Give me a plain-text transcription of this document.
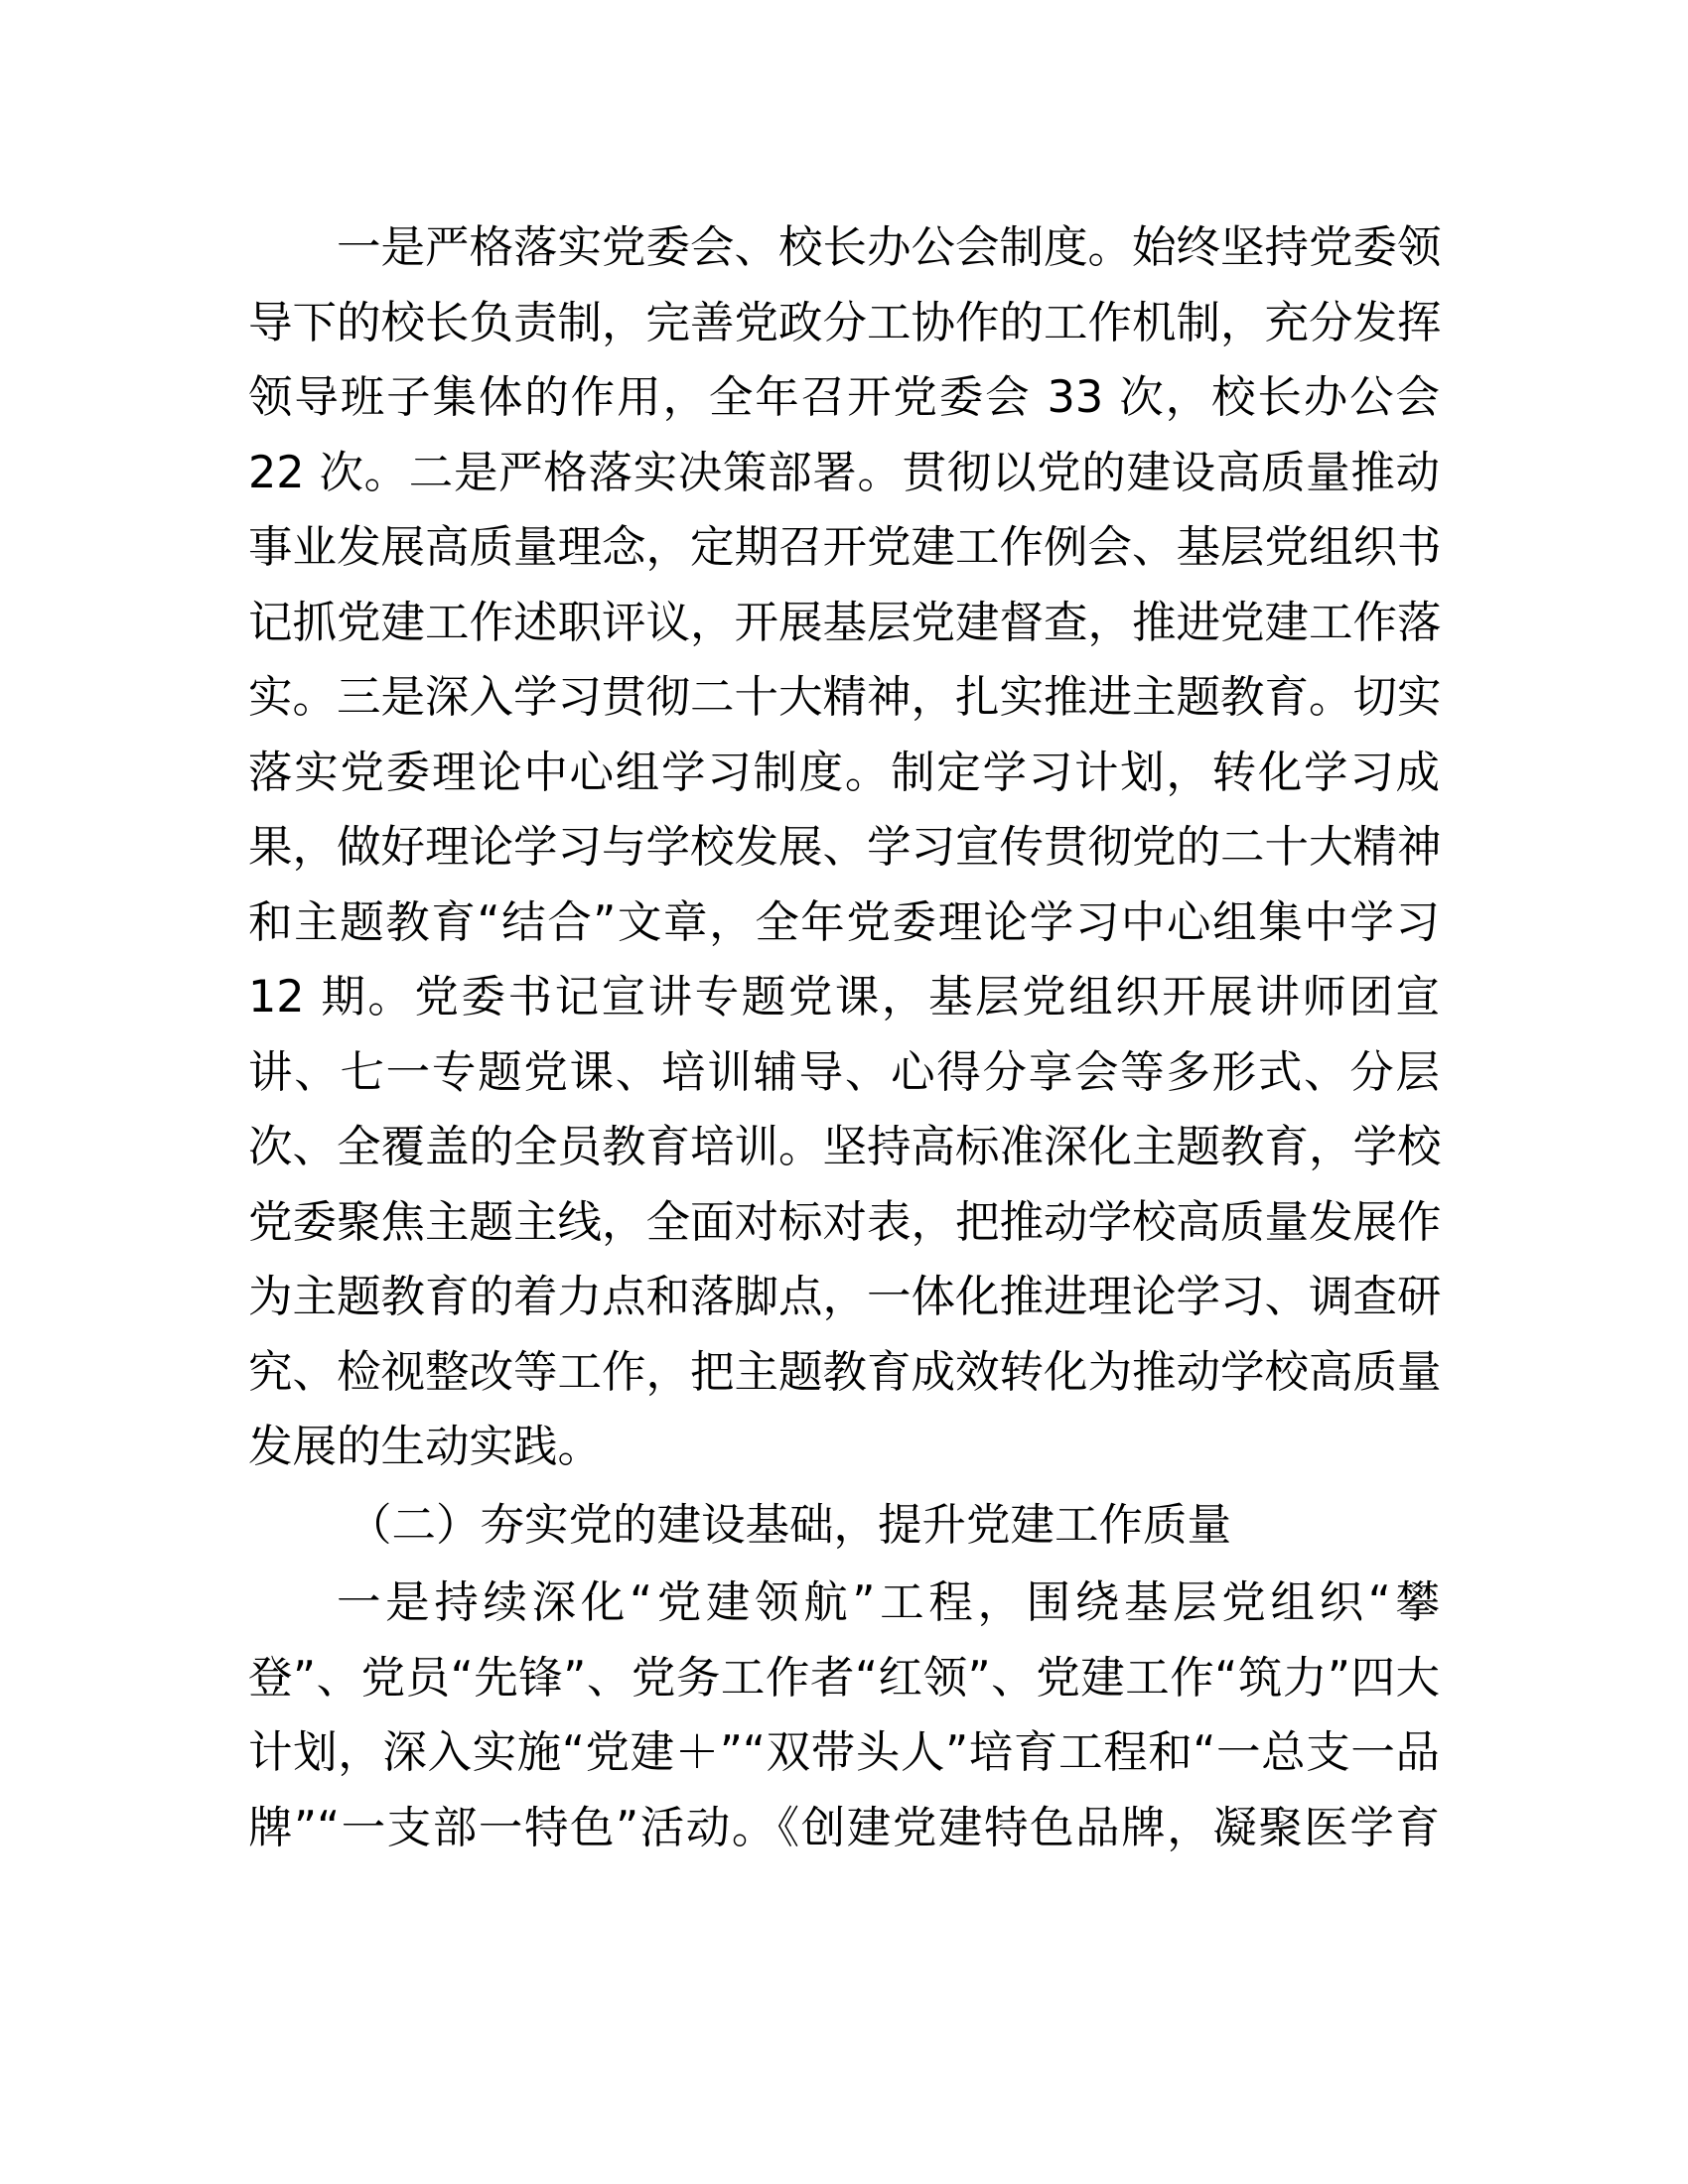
一是严格落实党委会、校长办公会制度。始终坚持党委领
导下的校长负责制，完善党政分工协作的工作机制，充分发挥
领导班子集体的作用，全年召开党委会 33 次，校长办公会
22 次。二是严格落实决策部署。贯彻以党的建设高质量推动
事业发展高质量理念，定期召开党建工作例会、基层党组织书
记抓党建工作述职评议，开展基层党建督查，推进党建工作落
实。三是深入学习贯彻二十大精神，扎实推进主题教育。切实
落实党委理论中心组学习制度。制定学习计划，转化学习成
果，做好理论学习与学校发展、学习宣传贯彻党的二十大精神
和主题教育“结合”文章，全年党委理论学习中心组集中学习
12 期。党委书记宣讲专题党课，基层党组织开展讲师团宣
讲、七一专题党课、培训辅导、心得分享会等多形式、分层
次、全覆盖的全员教育培训。坚持高标准深化主题教育，学校
党委聚焦主题主线，全面对标对表，把推动学校高质量发展作
为主题教育的着力点和落脚点，一体化推进理论学习、调查研
究、检视整改等工作，把主题教育成效转化为推动学校高质量
发展的生动实践。
（二）夯实党的建设基础，提升党建工作质量
一是持续深化“党建领航”工程，围绕基层党组织“攀
登”、党员“先锋”、党务工作者“红领”、党建工作“筑力”四大
计划，深入实施“党建＋”“双带头人”培育工程和“一总支一品
牌”“一支部一特色”活动。《创建党建特色品牌，凝聚医学育
